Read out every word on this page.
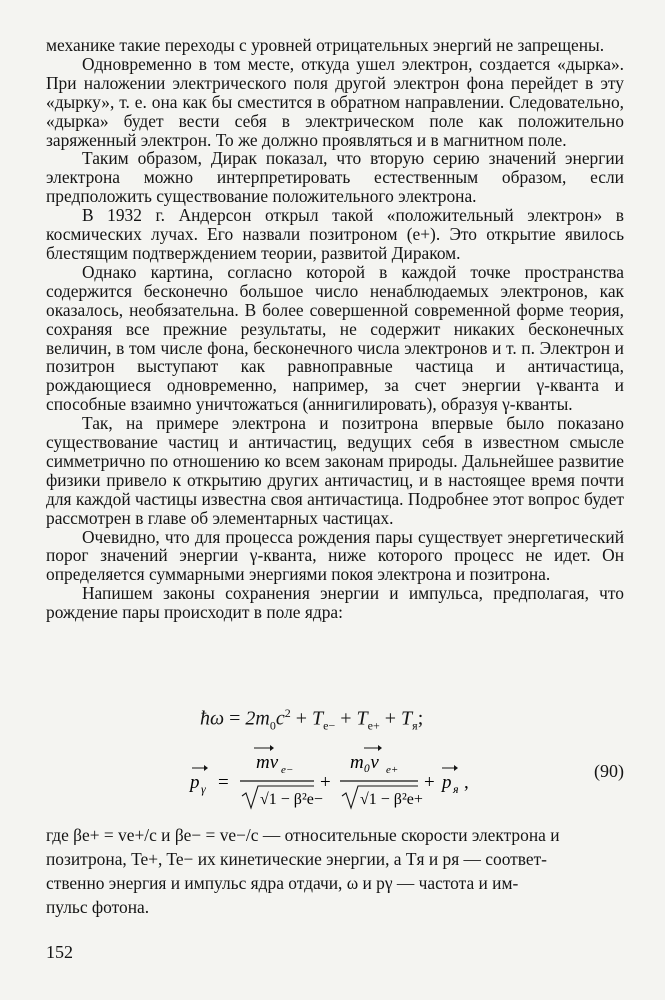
механике такие переходы с уровней отрицательных энергий не запрещены.

Одновременно в том месте, откуда ушел электрон, создается «дырка». При наложении электрического поля другой электрон фона перейдет в эту «дырку», т. е. она как бы сместится в обратном направлении. Следовательно, «дырка» будет вести себя в электрическом поле как положительно заряженный электрон. То же должно проявляться и в магнитном поле.

Таким образом, Дирак показал, что вторую серию значений энергии электрона можно интерпретировать естественным образом, если предположить существование положительного электрона.

В 1932 г. Андерсон открыл такой «положительный электрон» в космических лучах. Его назвали позитроном (e+). Это открытие явилось блестящим подтверждением теории, развитой Дираком.

Однако картина, согласно которой в каждой точке пространства содержится бесконечно большое число ненаблюдаемых электронов, как оказалось, необязательна. В более совершенной современной форме теория, сохраняя все прежние результаты, не содержит никаких бесконечных величин, в том числе фона, бесконечного числа электронов и т. п. Электрон и позитрон выступают как равноправные частица и античастица, рождающиеся одновременно, например, за счет энергии γ-кванта и способные взаимно уничтожаться (аннигилировать), образуя γ-кванты.

Так, на примере электрона и позитрона впервые было показано существование частиц и античастиц, ведущих себя в известном смысле симметрично по отношению ко всем законам природы. Дальнейшее развитие физики привело к открытию других античастиц, и в настоящее время почти для каждой частицы известна своя античастица. Подробнее этот вопрос будет рассмотрен в главе об элементарных частицах.

Очевидно, что для процесса рождения пары существует энергетический порог значений энергии γ-кванта, ниже которого процесс не идет. Он определяется суммарными энергиями покоя электрона и позитрона.

Напишем законы сохранения энергии и импульса, предполагая, что рождение пары происходит в поле ядра:

ħω = $2m_0c^2 + T_{e-} + T_{e+} + T_я$;
p γ =
mv e−
√1 − β²e−
+
m₀v e+
√1 − β²e+
+ p я ,
(90)

где βe+ = ve+/c и βe− = ve−/c — относительные скорости электрона и

позитрона, Te+, Te− их кинетические энергии, а Tя и pя — соответ-

ственно энергия и импульс ядра отдачи, ω и pγ — частота и им-

пульс фотона.

152
